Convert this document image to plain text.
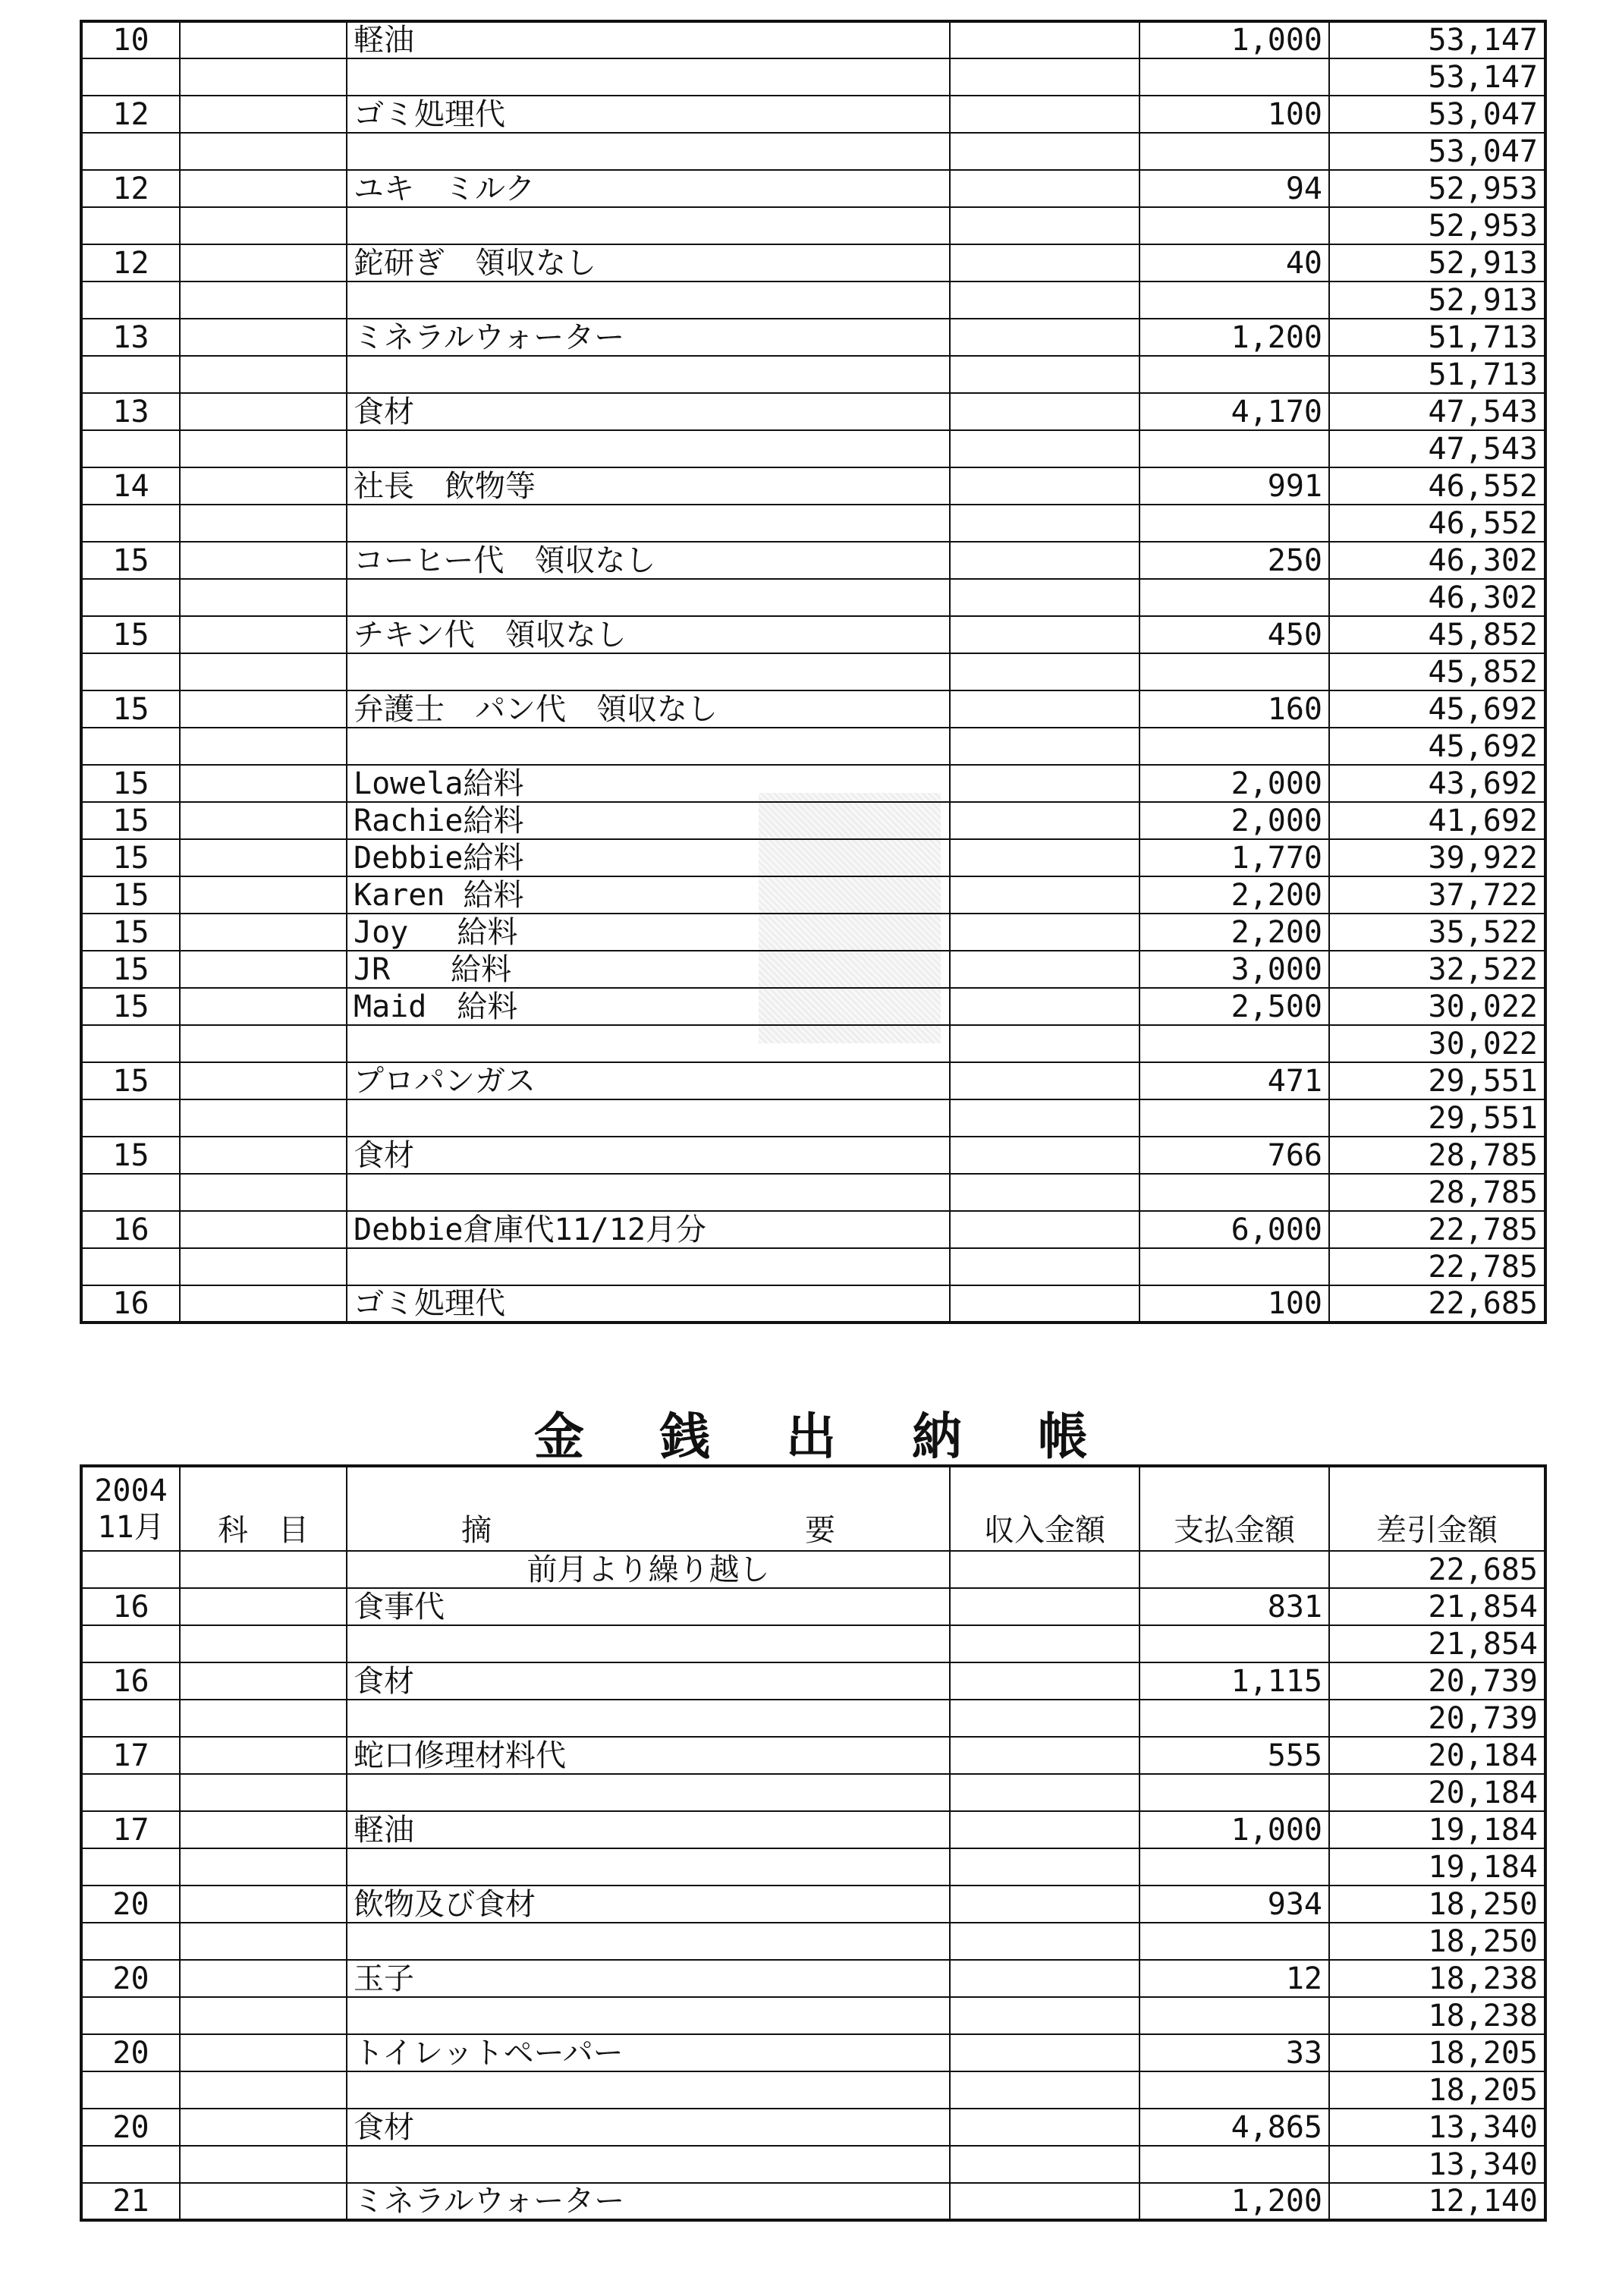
10		軽油		1,000	53,147
					53,147
12		ゴミ処理代		100	53,047
					53,047
12		ユキ　ミルク		94	52,953
					52,953
12		鉈研ぎ　領収なし		40	52,913
					52,913
13		ミネラルウォーター		1,200	51,713
					51,713
13		食材		4,170	47,543
					47,543
14		社長　飲物等		991	46,552
					46,552
15		コーヒー代　領収なし		250	46,302
					46,302
15		チキン代　領収なし		450	45,852
					45,852
15		弁護士　パン代　領収なし		160	45,692
					45,692
15		Lowela給料		2,000	43,692
15		Rachie給料		2,000	41,692
15		Debbie給料		1,770	39,922
15		Karen 給料		2,200	37,722
15		Joy　 給料		2,200	35,522
15		JR　　給料		3,000	32,522
15		Maid　給料		2,500	30,022
					30,022
15		プロパンガス		471	29,551
					29,551
15		食材		766	28,785
					28,785
16		Debbie倉庫代11/12月分		6,000	22,785
					22,785
16		ゴミ処理代		100	22,685
金 銭 出 納 帳
2004
11月	科　目	摘 要	収入金額	支払金額	差引金額
		前月より繰り越し			22,685
16		食事代		831	21,854
					21,854
16		食材		1,115	20,739
					20,739
17		蛇口修理材料代		555	20,184
					20,184
17		軽油		1,000	19,184
					19,184
20		飲物及び食材		934	18,250
					18,250
20		玉子		12	18,238
					18,238
20		トイレットペーパー		33	18,205
					18,205
20		食材		4,865	13,340
					13,340
21		ミネラルウォーター		1,200	12,140
